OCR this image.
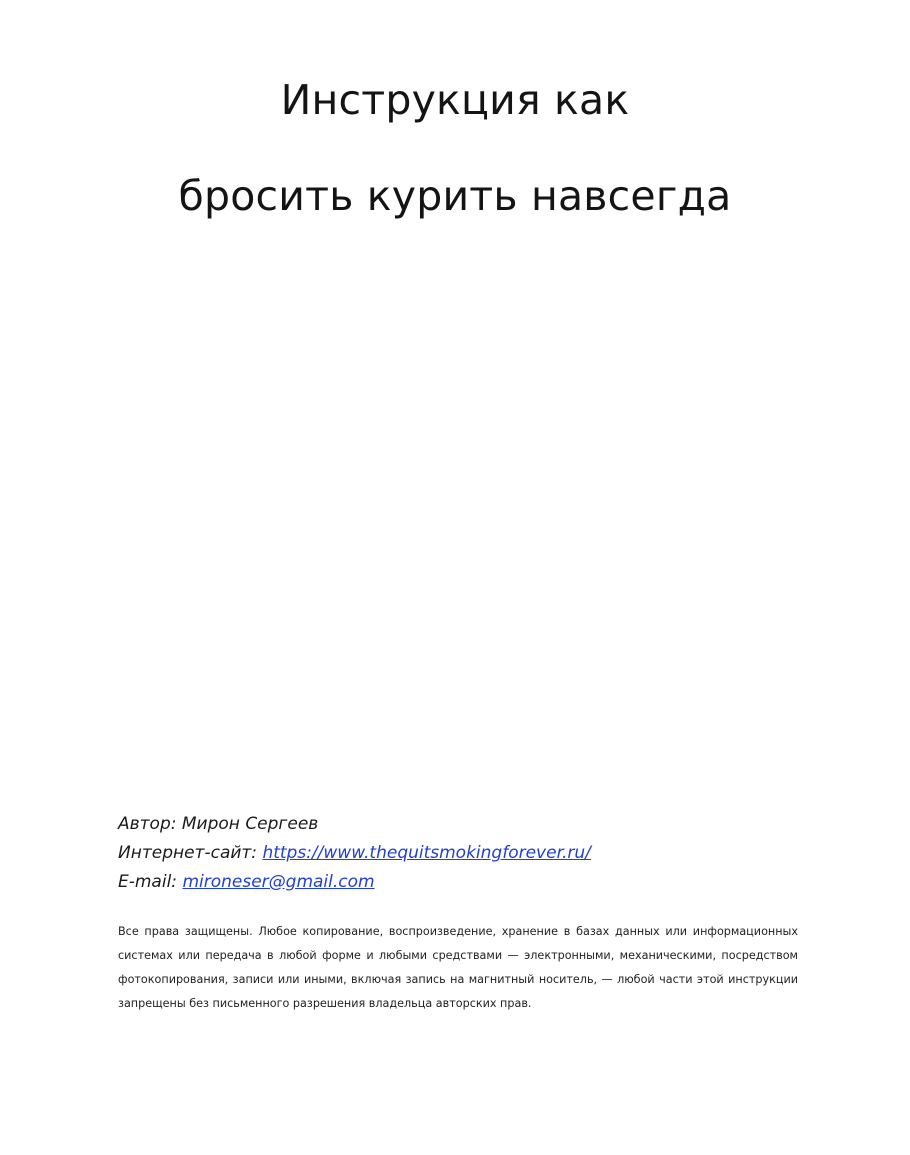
Инструкция как
бросить курить навсегда
Автор: Мирон Сергеев
Интернет-сайт: https://www.thequitsmokingforever.ru/
E-mail: mironeser@gmail.com
Все права защищены. Любое копирование, воспроизведение, хранение в базах данных или информационных системах или передача в любой форме и любыми средствами — электронными, механическими, посредством фотокопирования, записи или иными, включая запись на магнитный носитель, — любой части этой инструкции запрещены без письменного разрешения владельца авторских прав.
